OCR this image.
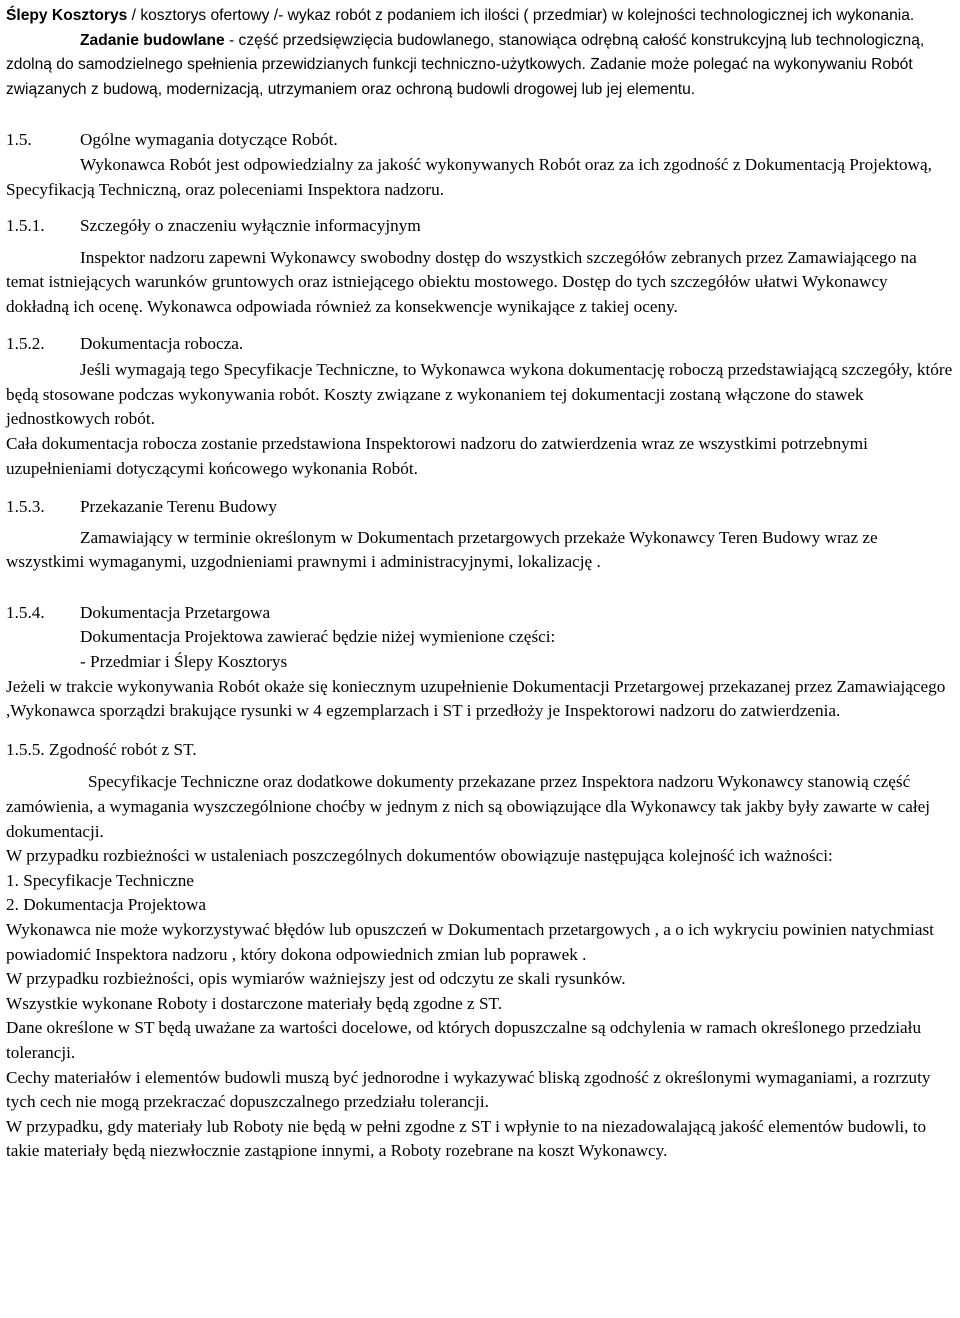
Ślepy Kosztorys / kosztorys ofertowy /- wykaz robót z podaniem ich ilości ( przedmiar) w kolejności technologicznej ich wykonania.
Zadanie budowlane - część przedsięwzięcia budowlanego, stanowiąca odrębną całość konstrukcyjną lub technologiczną, zdolną do samodzielnego spełnienia przewidzianych funkcji techniczno-użytkowych. Zadanie może polegać na wykonywaniu Robót związanych z budową, modernizacją, utrzymaniem oraz ochroną budowli drogowej lub jej elementu.

1.5.	Ogólne wymagania dotyczące Robót.

Wykonawca Robót jest odpowiedzialny za jakość wykonywanych Robót oraz za ich zgodność z Dokumentacją Projektową, Specyfikacją Techniczną, oraz poleceniami Inspektora nadzoru.

1.5.1. Szczegóły o znaczeniu wyłącznie informacyjnym

Inspektor nadzoru zapewni Wykonawcy swobodny dostęp do wszystkich szczegółów zebranych przez Zamawiającego na temat istniejących warunków gruntowych oraz istniejącego obiektu mostowego. Dostęp do tych szczegółów ułatwi Wykonawcy dokładną ich ocenę. Wykonawca odpowiada również za konsekwencje wynikające z takiej oceny.

1.5.2. Dokumentacja robocza.

Jeśli wymagają tego Specyfikacje Techniczne, to Wykonawca wykona dokumentację roboczą przedstawiającą szczegóły, które będą stosowane podczas wykonywania robót. Koszty związane z wykonaniem tej dokumentacji zostaną włączone do stawek jednostkowych robót.

Cała dokumentacja robocza zostanie przedstawiona Inspektorowi nadzoru do zatwierdzenia wraz ze wszystkimi potrzebnymi uzupełnieniami dotyczącymi końcowego wykonania Robót.

1.5.3. Przekazanie Terenu Budowy

Zamawiający w terminie określonym w Dokumentach przetargowych przekaże Wykonawcy Teren Budowy wraz ze wszystkimi wymaganymi, uzgodnieniami prawnymi i administracyjnymi, lokalizację .

1.5.4. Dokumentacja Przetargowa

Dokumentacja Projektowa zawierać będzie niżej wymienione części:

- Przedmiar i Ślepy Kosztorys

Jeżeli w trakcie wykonywania Robót okaże się koniecznym uzupełnienie Dokumentacji Przetargowej przekazanej przez Zamawiającego ,Wykonawca sporządzi brakujące rysunki w 4 egzemplarzach i ST i przedłoży je Inspektorowi nadzoru do zatwierdzenia.

1.5.5. Zgodność robót z ST.

Specyfikacje Techniczne oraz dodatkowe dokumenty przekazane przez Inspektora nadzoru Wykonawcy stanowią część zamówienia, a wymagania wyszczególnione choćby w jednym z nich są obowiązujące dla Wykonawcy tak jakby były zawarte w całej dokumentacji.

W przypadku rozbieżności w ustaleniach poszczególnych dokumentów obowiązuje następująca kolejność ich ważności:

1. Specyfikacje Techniczne

2. Dokumentacja Projektowa

Wykonawca nie może wykorzystywać błędów lub opuszczeń w Dokumentach przetargowych , a o ich wykryciu powinien natychmiast powiadomić Inspektora nadzoru , który dokona odpowiednich zmian lub poprawek .

W przypadku rozbieżności, opis wymiarów ważniejszy jest od odczytu ze skali rysunków.

Wszystkie wykonane Roboty i dostarczone materiały będą zgodne z ST.

Dane określone w ST będą uważane za wartości docelowe, od których dopuszczalne są odchylenia w ramach określonego przedziału tolerancji.

Cechy materiałów i elementów budowli muszą być jednorodne i wykazywać bliską zgodność z określonymi wymaganiami, a rozrzuty tych cech nie mogą przekraczać dopuszczalnego przedziału tolerancji.

W przypadku, gdy materiały lub Roboty nie będą w pełni zgodne z ST i wpłynie to na niezadowalającą jakość elementów budowli, to takie materiały będą niezwłocznie zastąpione innymi, a Roboty rozebrane na koszt Wykonawcy.
